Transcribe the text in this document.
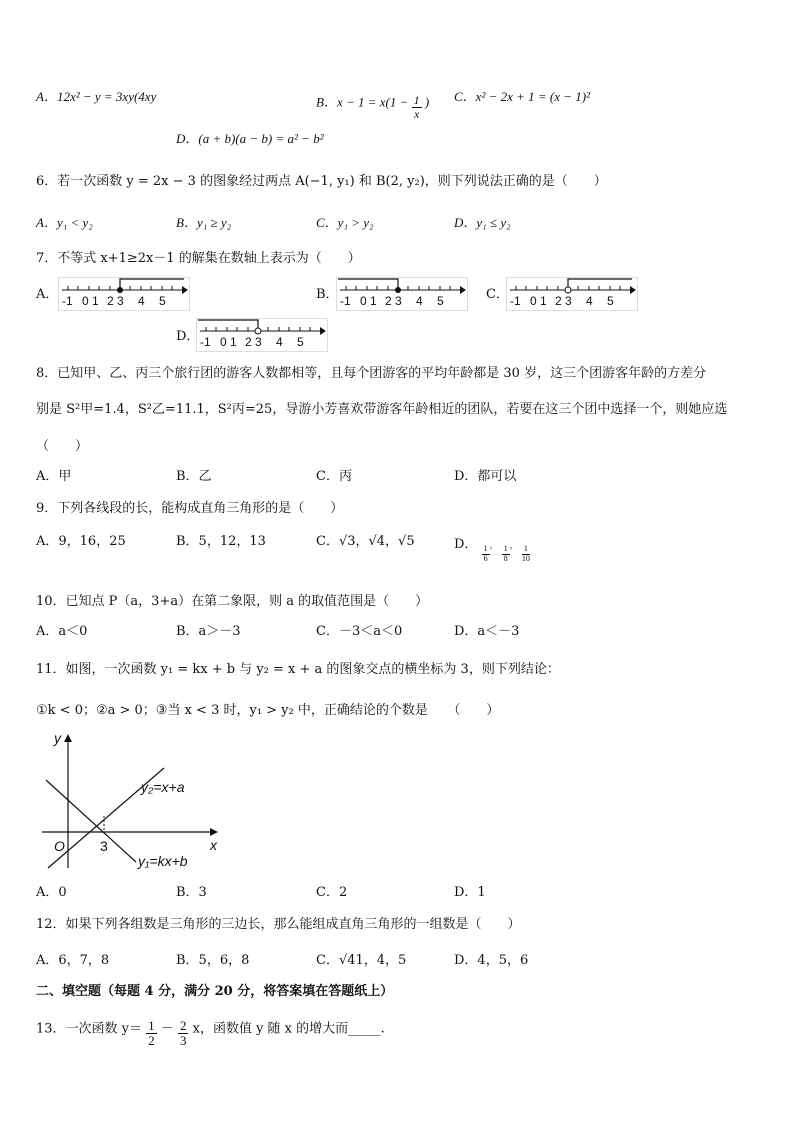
A．12x² − y = 3xy(4xy	B．$x - 1 = x(1 - \frac{1}{x}$ ) C．x² − 2x + 1 = (x − 1)²
D．(a + b)(a − b) = a² − b²
6．若一次函数 y = 2x − 3 的图象经过两点 A(−1, y₁) 和 B(2, y₂)，则下列说法正确的是（　　）
A．y₁ < y₂	B．y₁ ≥ y₂	C．y₁ > y₂	D．y₁ ≤ y₂
7．不等式 x+1≥2x－1 的解集在数轴上表示为（　　）
A． -1 0 1 2 3 4 5	B． -1 0 1 2 3 4 5	C． -1 0 1 2 3 4 5
D． -1 0 1 2 3 4 5
8．已知甲、乙、丙三个旅行团的游客人数都相等，且每个团游客的平均年龄都是 30 岁，这三个团游客年龄的方差分
别是 S²甲=1.4，S²乙=11.1，S²丙=25，导游小芳喜欢带游客年龄相近的团队，若要在这三个团中选择一个，则她应选
（　　）
A．甲	B．乙	C．丙	D．都可以
9．下列各线段的长，能构成直角三角形的是（　　）
A．9，16，25	B．5，12，13	C．√3，√4，√5	D．
$\frac{1}{6}$ ， $\frac{1}{8}$ ， $\frac{1}{10}$
10．已知点 P（a，3+a）在第二象限，则 a 的取值范围是（　　）
A．a＜0	B．a＞－3	C．－3＜a＜0	D．a＜－3
11．如图，一次函数 y₁ = kx + b 与 y₂ = x + a 的图象交点的横坐标为 3，则下列结论：
①k < 0；②a > 0；③当 x < 3 时，y₁ > y₂ 中，正确结论的个数是　　（　　）
y
x
O
y₂=x+a
y₁=kx+b
3
A．0	B．3	C．2	D．1
12．如果下列各组数是三角形的三边长，那么能组成直角三角形的一组数是（　　）
A．6，7，8	B．5，6，8	C．√41，4，5	D．4，5，6
二、填空题（每题 4 分，满分 20 分，将答案填在答题纸上）
13．一次函数 $y= \frac{1}{2} - \frac{2}{3}$ x，函数值 y 随 x 的增大而_____.
